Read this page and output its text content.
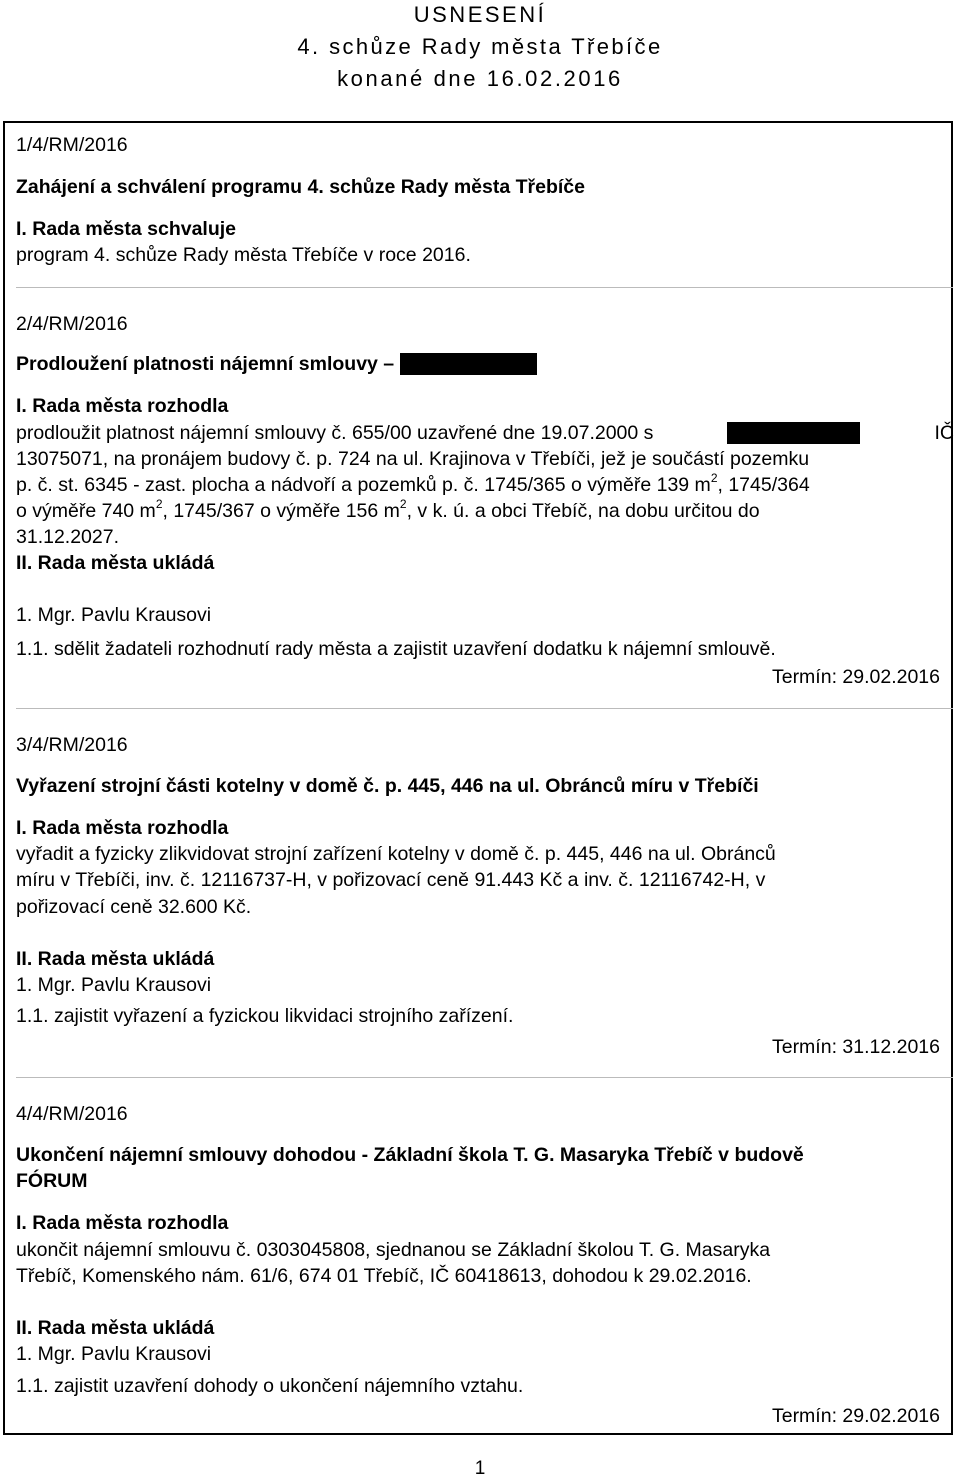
USNESENÍ
4. schůze Rady města Třebíče
konané dne 16.02.2016
1/4/RM/2016
Zahájení a schválení programu 4. schůze Rady města Třebíče
I. Rada města schvaluje
program 4. schůze Rady města Třebíče v roce 2016.
2/4/RM/2016
Prodloužení platnosti nájemní smlouvy –
I. Rada města rozhodla
prodloužit platnost nájemní smlouvy č. 655/00 uzavřené dne 19.07.2000 s	IČ
13075071, na pronájem budovy č. p. 724 na ul. Krajinova v Třebíči, jež je součástí pozemku
p. č. st. 6345 - zast. plocha a nádvoří a pozemků p. č. 1745/365 o výměře 139 $m^2$, 1745/364
o výměře 740 $m^2$, 1745/367 o výměře 156 $m^2$, v k. ú. a obci Třebíč, na dobu určitou do
31.12.2027.
II. Rada města ukládá
1. Mgr. Pavlu Krausovi
1.1. sdělit žadateli rozhodnutí rady města a zajistit uzavření dodatku k nájemní smlouvě.
Termín: 29.02.2016
3/4/RM/2016
Vyřazení strojní části kotelny v domě č. p. 445, 446 na ul. Obránců míru v Třebíči
I. Rada města rozhodla
vyřadit a fyzicky zlikvidovat strojní zařízení kotelny v domě č. p. 445, 446 na ul. Obránců
míru v Třebíči, inv. č. 12116737-H, v pořizovací ceně 91.443 Kč a inv. č. 12116742-H, v
pořizovací ceně 32.600 Kč.
II. Rada města ukládá
1. Mgr. Pavlu Krausovi
1.1. zajistit vyřazení a fyzickou likvidaci strojního zařízení.
Termín: 31.12.2016
4/4/RM/2016
Ukončení nájemní smlouvy dohodou - Základní škola T. G. Masaryka Třebíč v budově
FÓRUM
I. Rada města rozhodla
ukončit nájemní smlouvu č. 0303045808, sjednanou se Základní školou T. G. Masaryka
Třebíč, Komenského nám. 61/6, 674 01 Třebíč, IČ 60418613, dohodou k 29.02.2016.
II. Rada města ukládá
1. Mgr. Pavlu Krausovi
1.1. zajistit uzavření dohody o ukončení nájemního vztahu.
Termín: 29.02.2016
1
